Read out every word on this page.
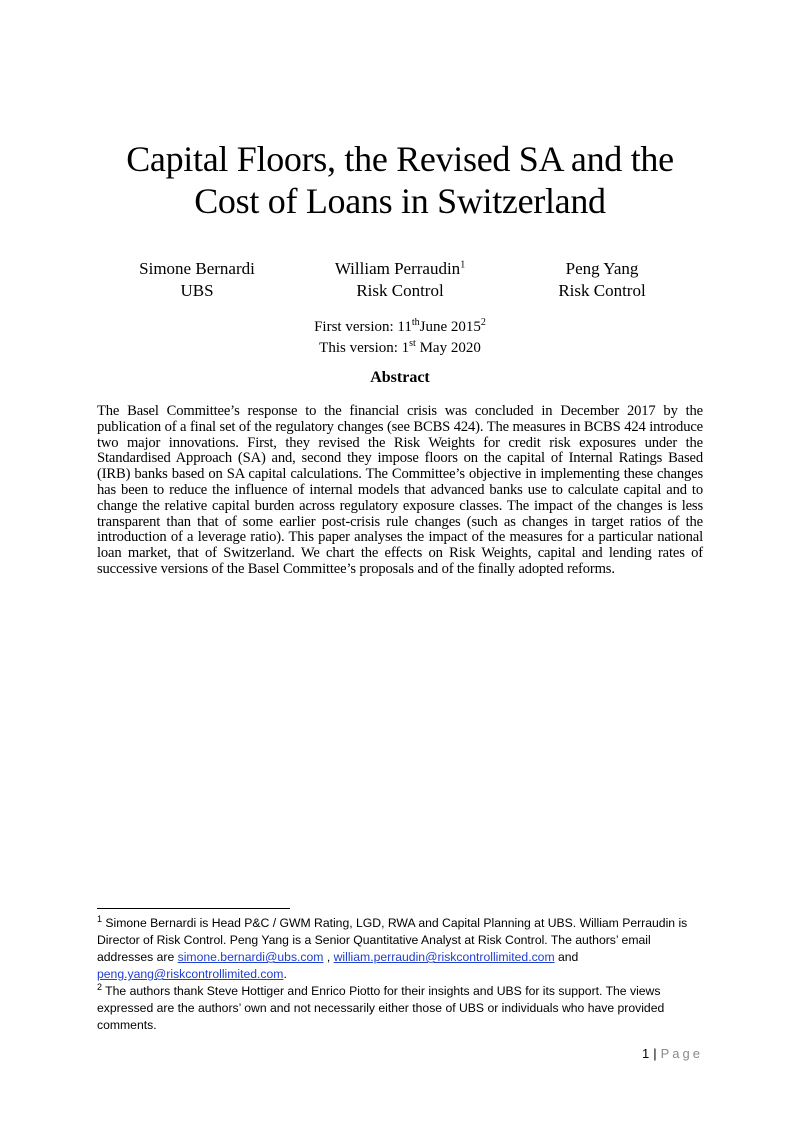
Capital Floors, the Revised SA and the
Cost of Loans in Switzerland
Simone Bernardi
UBS
William Perraudin$^1$
Risk Control
Peng Yang
Risk Control
First version: 11thJune 2015$^2$
This version: 1st May 2020
Abstract
The Basel Committee’s response to the financial crisis was concluded in December 2017 by the publication of a final set of the regulatory changes (see BCBS 424). The measures in BCBS 424 introduce two major innovations. First, they revised the Risk Weights for credit risk exposures under the Standardised Approach (SA) and, second they impose floors on the capital of Internal Ratings Based (IRB) banks based on SA capital calculations. The Committee’s objective in implementing these changes has been to reduce the influence of internal models that advanced banks use to calculate capital and to change the relative capital burden across regulatory exposure classes. The impact of the changes is less transparent than that of some earlier post-crisis rule changes (such as changes in target ratios of the introduction of a leverage ratio). This paper analyses the impact of the measures for a particular national loan market, that of Switzerland. We chart the effects on Risk Weights, capital and lending rates of successive versions of the Basel Committee’s proposals and of the finally adopted reforms.
$^1$ Simone Bernardi is Head P&C / GWM Rating, LGD, RWA and Capital Planning at UBS. William Perraudin is Director of Risk Control. Peng Yang is a Senior Quantitative Analyst at Risk Control. The authors’ email addresses are simone.bernardi@ubs.com , william.perraudin@riskcontrollimited.com and peng.yang@riskcontrollimited.com.
$^2$ The authors thank Steve Hottiger and Enrico Piotto for their insights and UBS for its support. The views expressed are the authors’ own and not necessarily either those of UBS or individuals who have provided comments.
1 | Page
